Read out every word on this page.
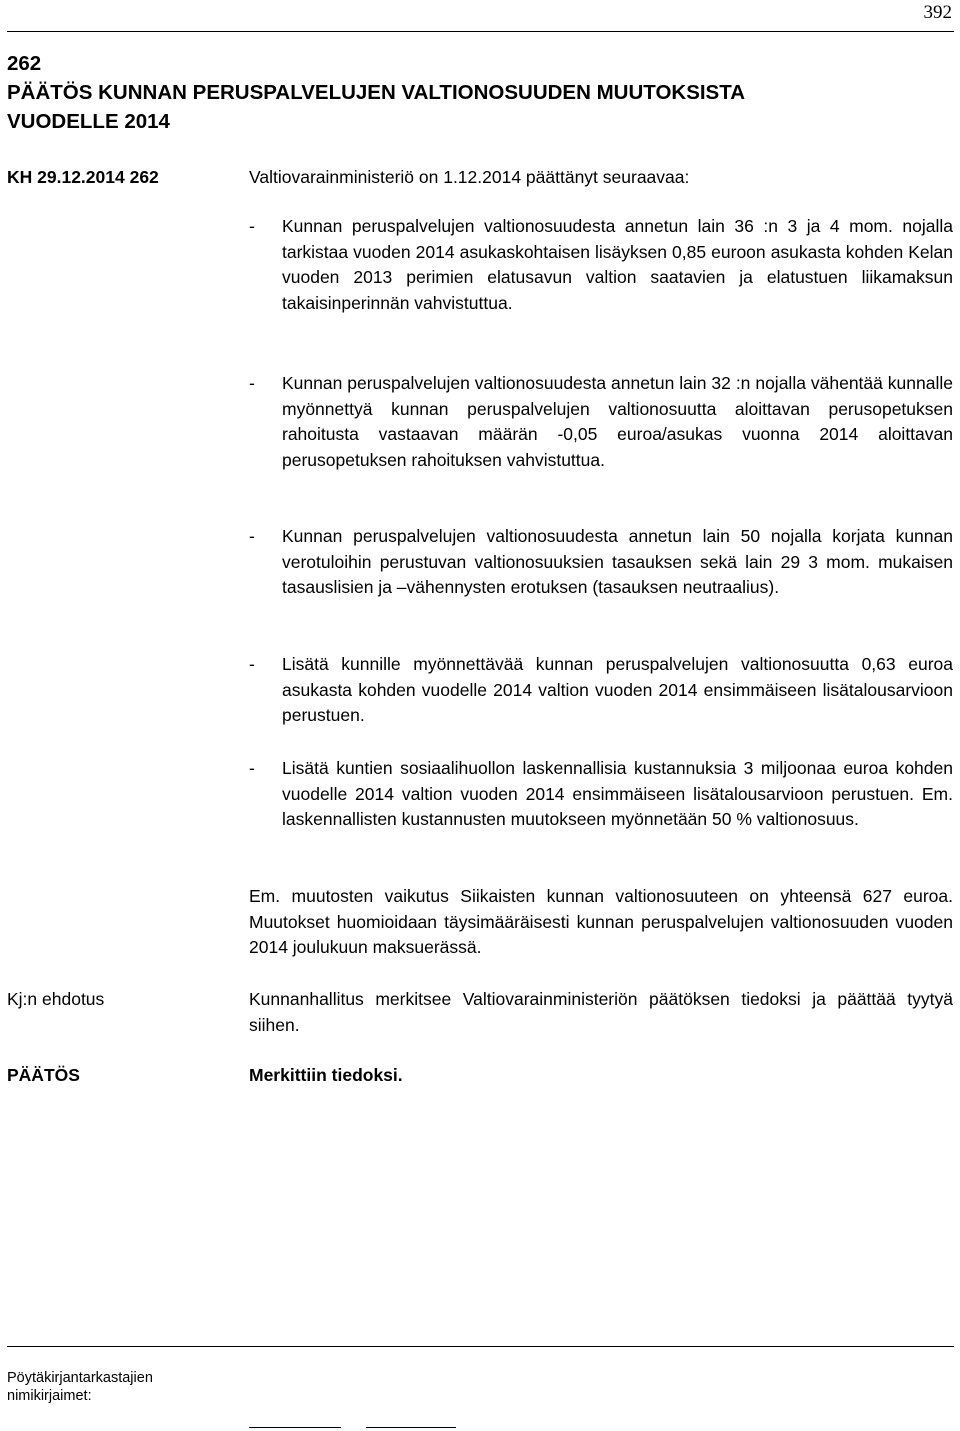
392
262
PÄÄTÖS KUNNAN PERUSPALVELUJEN VALTIONOSUUDEN MUUTOKSISTA
VUODELLE 2014
KH 29.12.2014 262	Valtiovarainministeriö on 1.12.2014 päättänyt seuraavaa:
-	Kunnan peruspalvelujen valtionosuudesta annetun lain 36 :n 3 ja 4 mom. nojalla tarkistaa vuoden 2014 asukaskohtaisen lisäyksen 0,85 euroon asukasta kohden Kelan vuoden 2013 perimien elatusavun valtion saatavien ja elatustuen liikamaksun takaisinperinnän vahvistuttua.
-	Kunnan peruspalvelujen valtionosuudesta annetun lain 32 :n nojalla vähentää kunnalle myönnettyä kunnan peruspalvelujen valtionosuutta aloittavan perusopetuksen rahoitusta vastaavan määrän -0,05 euroa/asukas vuonna 2014 aloittavan perusopetuksen rahoituksen vahvistuttua.
-	Kunnan peruspalvelujen valtionosuudesta annetun lain 50 nojalla korjata kunnan verotuloihin perustuvan valtionosuuksien tasauksen sekä lain 29 3 mom. mukaisen tasauslisien ja –vähennysten erotuksen (tasauksen neutraalius).
-	Lisätä kunnille myönnettävää kunnan peruspalvelujen valtionosuutta 0,63 euroa asukasta kohden vuodelle 2014 valtion vuoden 2014 ensimmäiseen lisätalousarvioon perustuen.
-	Lisätä kuntien sosiaalihuollon laskennallisia kustannuksia 3 miljoonaa euroa kohden vuodelle 2014 valtion vuoden 2014 ensimmäiseen lisätalousarvioon perustuen. Em. laskennallisten kustannusten muutokseen myönnetään 50 % valtionosuus.
Em. muutosten vaikutus Siikaisten kunnan valtionosuuteen on yhteensä 627 euroa. Muutokset huomioidaan täysimääräisesti kunnan peruspalvelujen valtionosuuden vuoden 2014 joulukuun maksuerässä.
Kj:n ehdotus	Kunnanhallitus merkitsee Valtiovarainministeriön päätöksen tiedoksi ja päättää tyytyä siihen.
PÄÄTÖS	Merkittiin tiedoksi.
Pöytäkirjantarkastajien
nimikirjaimet:
